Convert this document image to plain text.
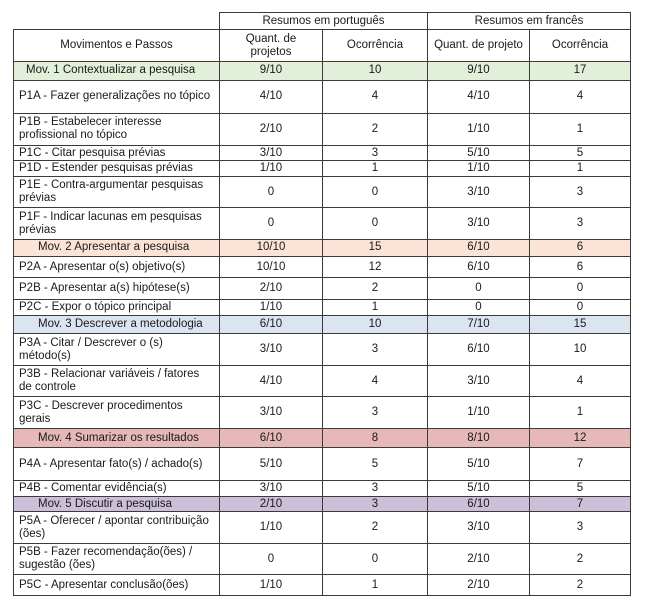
	Resumos em português		Resumos em francês	
Movimentos e Passos	Quant. de projetos	Ocorrência	Quant. de projeto	Ocorrência
Mov. 1 Contextualizar a pesquisa	9/10	10	9/10	17
P1A - Fazer generalizações no tópico	4/10	4	4/10	4
P1B - Estabelecer interesse profissional no tópico	2/10	2	1/10	1
P1C - Citar pesquisa prévias	3/10	3	5/10	5
P1D - Estender pesquisas prévias	1/10	1	1/10	1
P1E - Contra-argumentar pesquisas prévias	0	0	3/10	3
P1F - Indicar lacunas em pesquisas prévias	0	0	3/10	3
Mov. 2 Apresentar a pesquisa	10/10	15	6/10	6
P2A - Apresentar o(s) objetivo(s)	10/10	12	6/10	6
P2B - Apresentar a(s) hipótese(s)	2/10	2	0	0
P2C - Expor o tópico principal	1/10	1	0	0
Mov. 3 Descrever a metodologia	6/10	10	7/10	15
P3A - Citar / Descrever o (s) método(s)	3/10	3	6/10	10
P3B - Relacionar variáveis / fatores de controle	4/10	4	3/10	4
P3C - Descrever procedimentos gerais	3/10	3	1/10	1
Mov. 4 Sumarizar os resultados	6/10	8	8/10	12
P4A - Apresentar fato(s) / achado(s)	5/10	5	5/10	7
P4B - Comentar evidência(s)	3/10	3	5/10	5
Mov. 5 Discutir a pesquisa	2/10	3	6/10	7
P5A - Oferecer / apontar contribuição (ões)	1/10	2	3/10	3
P5B - Fazer recomendação(ões) / sugestão (ões)	0	0	2/10	2
P5C - Apresentar conclusão(ões)	1/10	1	2/10	2
